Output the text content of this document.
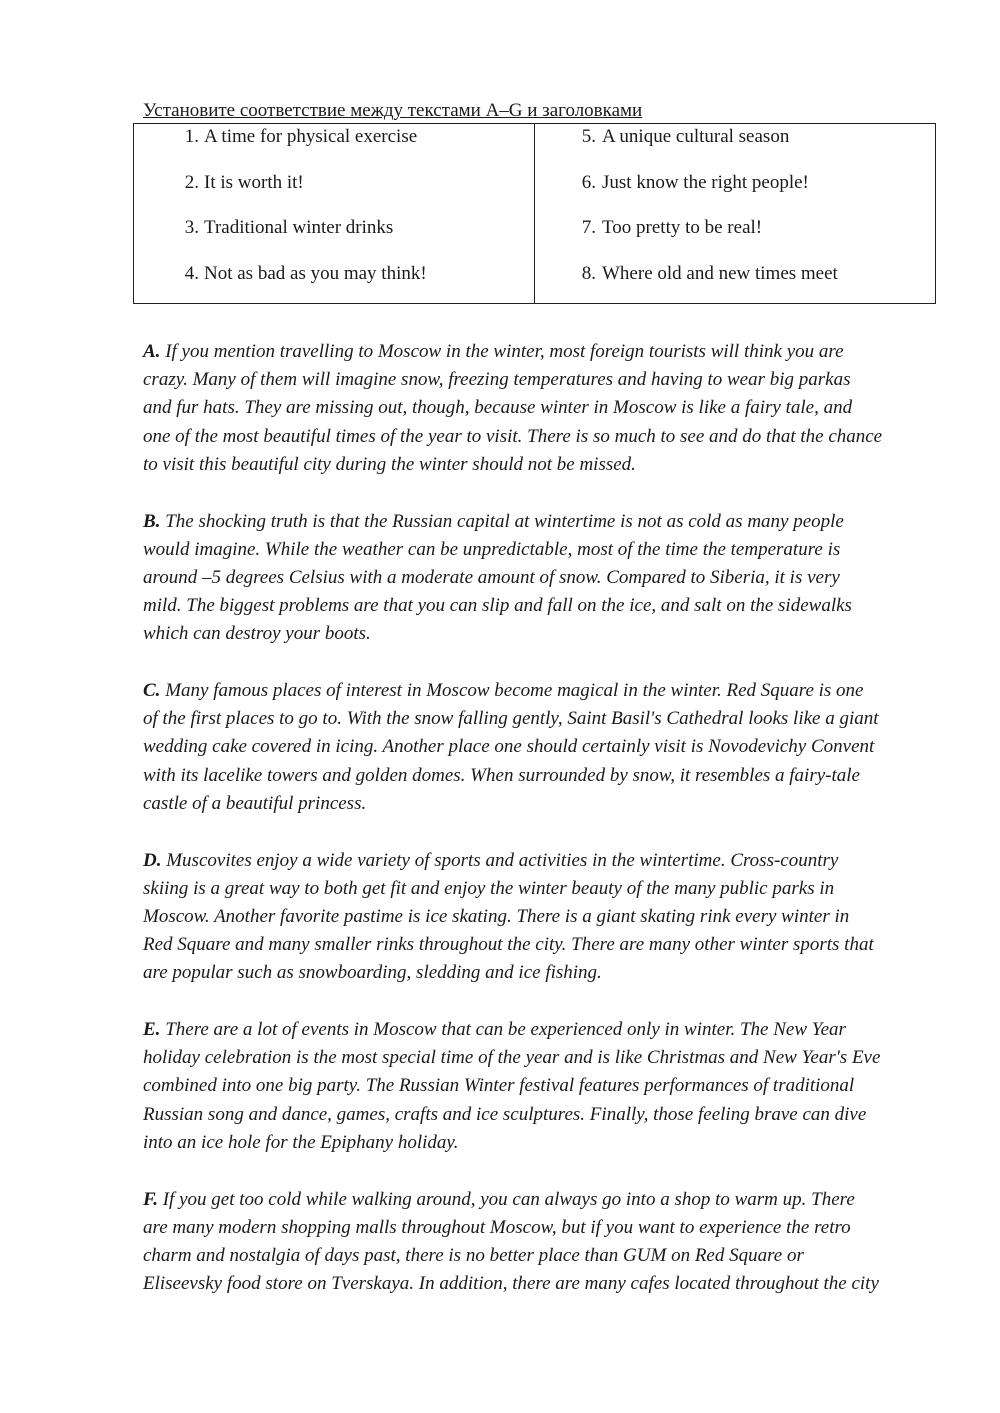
Установите соответствие между текстами A–G и заголовками
1. A time for physical exercise
2. It is worth it!
3. Traditional winter drinks
4. Not as bad as you may think!
5. A unique cultural season
6. Just know the right people!
7. Too pretty to be real!
8. Where old and new times meet
A. If you mention travelling to Moscow in the winter, most foreign tourists will think you are
crazy. Many of them will imagine snow, freezing temperatures and having to wear big parkas
and fur hats. They are missing out, though, because winter in Moscow is like a fairy tale, and
one of the most beautiful times of the year to visit. There is so much to see and do that the chance
to visit this beautiful city during the winter should not be missed.
B. The shocking truth is that the Russian capital at wintertime is not as cold as many people
would imagine. While the weather can be unpredictable, most of the time the temperature is
around –5 degrees Celsius with a moderate amount of snow. Compared to Siberia, it is very
mild. The biggest problems are that you can slip and fall on the ice, and salt on the sidewalks
which can destroy your boots.
C. Many famous places of interest in Moscow become magical in the winter. Red Square is one
of the first places to go to. With the snow falling gently, Saint Basil's Cathedral looks like a giant
wedding cake covered in icing. Another place one should certainly visit is Novodevichy Convent
with its lacelike towers and golden domes. When surrounded by snow, it resembles a fairy-tale
castle of a beautiful princess.
D. Muscovites enjoy a wide variety of sports and activities in the wintertime. Cross-country
skiing is a great way to both get fit and enjoy the winter beauty of the many public parks in
Moscow. Another favorite pastime is ice skating. There is a giant skating rink every winter in
Red Square and many smaller rinks throughout the city. There are many other winter sports that
are popular such as snowboarding, sledding and ice fishing.
E. There are a lot of events in Moscow that can be experienced only in winter. The New Year
holiday celebration is the most special time of the year and is like Christmas and New Year's Eve
combined into one big party. The Russian Winter festival features performances of traditional
Russian song and dance, games, crafts and ice sculptures. Finally, those feeling brave can dive
into an ice hole for the Epiphany holiday.
F. If you get too cold while walking around, you can always go into a shop to warm up. There
are many modern shopping malls throughout Moscow, but if you want to experience the retro
charm and nostalgia of days past, there is no better place than GUM on Red Square or
Eliseevsky food store on Tverskaya. In addition, there are many cafes located throughout the city
